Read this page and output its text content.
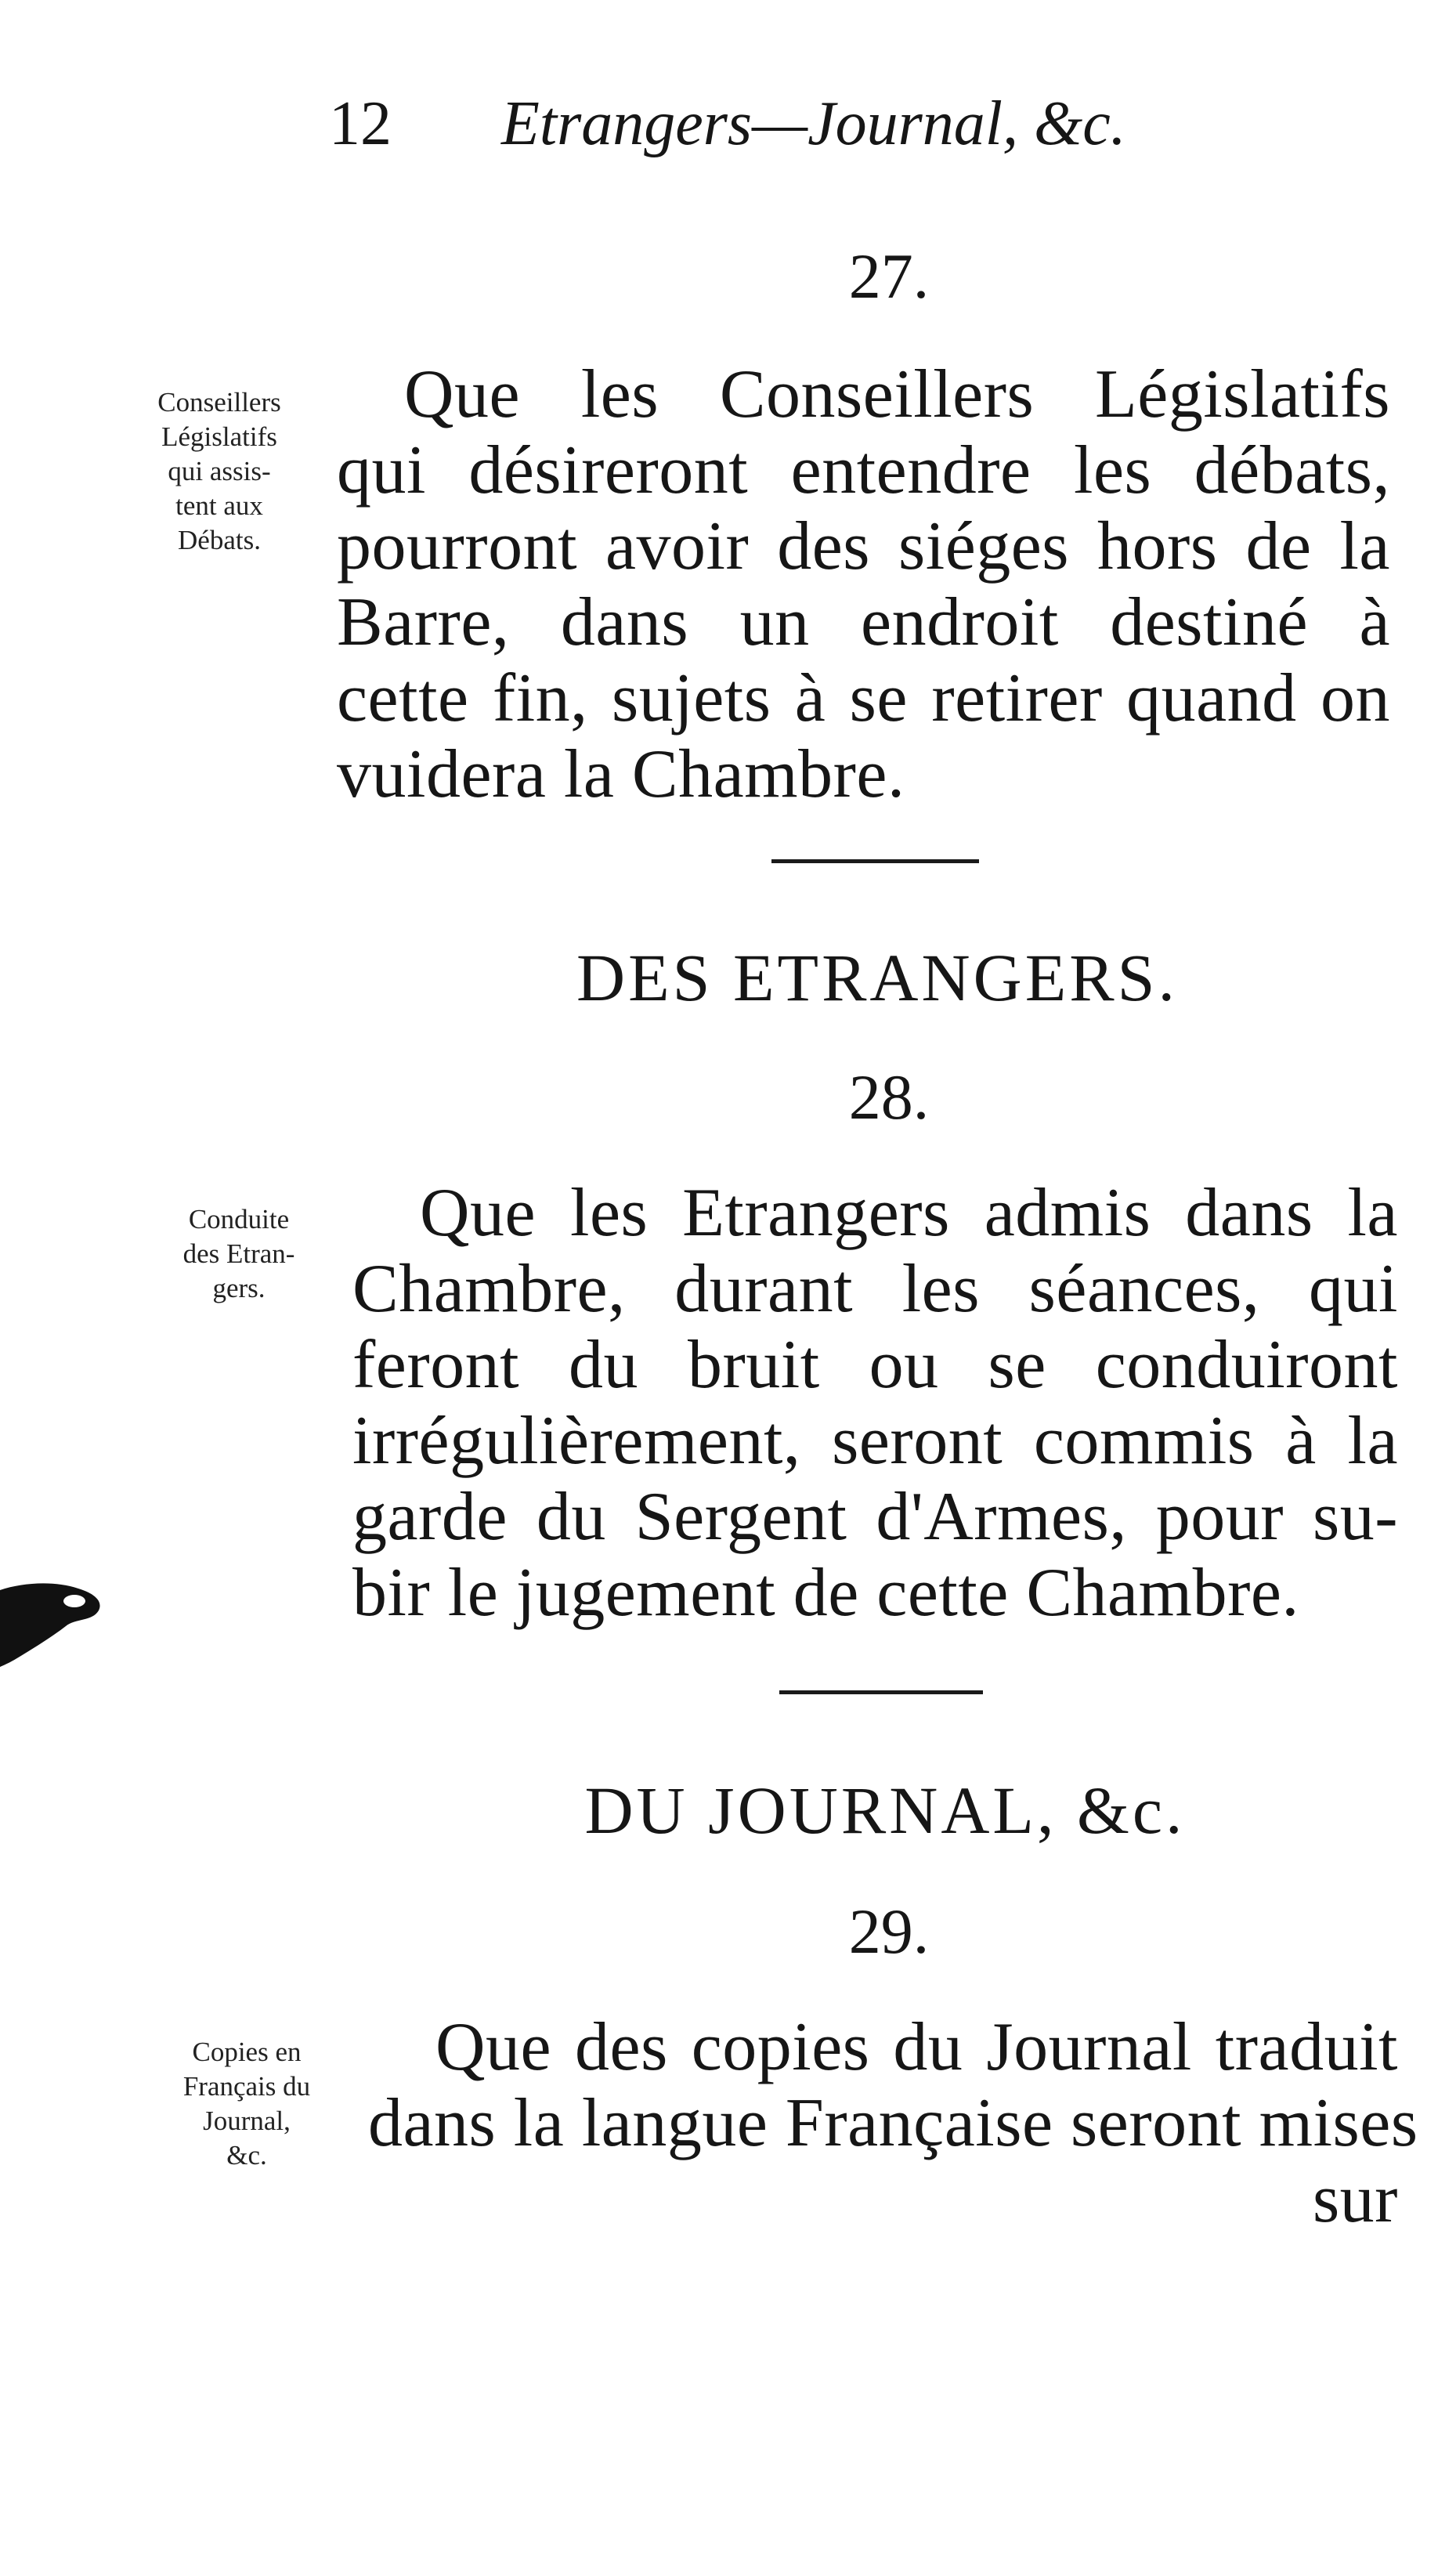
12 Etrangers—Journal, &c.
27.
Conseillers
Législatifs
qui assis-
tent aux
Débats.
Que les Conseillers Législatifs
qui désireront entendre les débats,
pourront avoir des siéges hors de la
Barre, dans un endroit destiné à
cette fin, sujets à se retirer quand on
vuidera la Chambre.
DES ETRANGERS.
28.
Conduite
des Etran-
gers.
Que les Etrangers admis dans la
Chambre, durant les séances, qui
feront du bruit ou se conduiront
irrégulièrement, seront commis à la
garde du Sergent d'Armes, pour su-
bir le jugement de cette Chambre.
DU JOURNAL, &c.
29.
Copies en
Français du
Journal,
&c.
Que des copies du Journal traduit
dans la langue Française seront mises
sur
